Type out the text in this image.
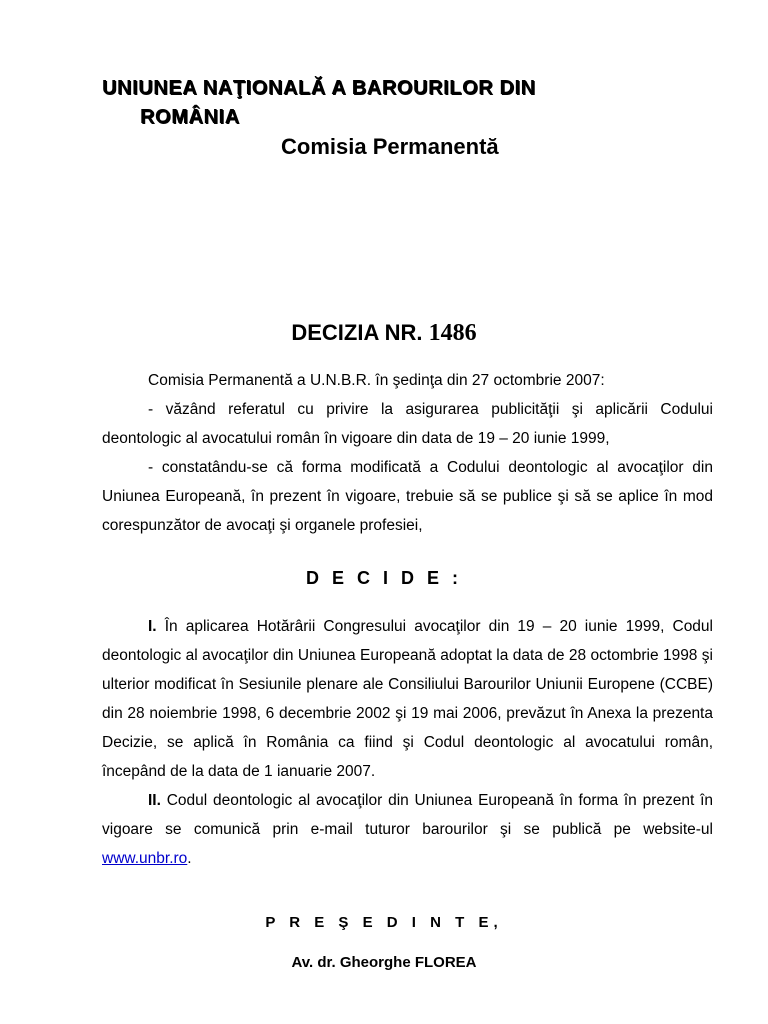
UNIUNEA NAŢIONALĂ A BAROURILOR DIN
ROMÂNIA
Comisia Permanentă
DECIZIA NR. 1486

Comisia Permanentă a U.N.B.R. în şedinţa din 27 octombrie 2007:

- văzând referatul cu privire la asigurarea publicităţii şi aplicării Codului deontologic al avocatului român în vigoare din data de 19 – 20 iunie 1999,

- constatându-se că forma modificată a Codului deontologic al avocaţilor din Uniunea Europeană, în prezent în vigoare, trebuie să se publice şi să se aplice în mod corespunzător de avocaţi şi organele profesiei,

D E C I D E :

I. În aplicarea Hotărârii Congresului avocaţilor din 19 – 20 iunie 1999, Codul deontologic al avocaţilor din Uniunea Europeană adoptat la data de 28 octombrie 1998 şi ulterior modificat în Sesiunile plenare ale Consiliului Barourilor Uniunii Europene (CCBE) din 28 noiembrie 1998, 6 decembrie 2002 şi 19 mai 2006, prevăzut în Anexa la prezenta Decizie, se aplică în România ca fiind şi Codul deontologic al avocatului român, începând de la data de 1 ianuarie 2007.

II. Codul deontologic al avocaţilor din Uniunea Europeană în forma în prezent în vigoare se comunică prin e-mail tuturor barourilor şi se publică pe website-ul www.unbr.ro.

P R E Ş E D I N T E,
Av. dr. Gheorghe FLOREA
